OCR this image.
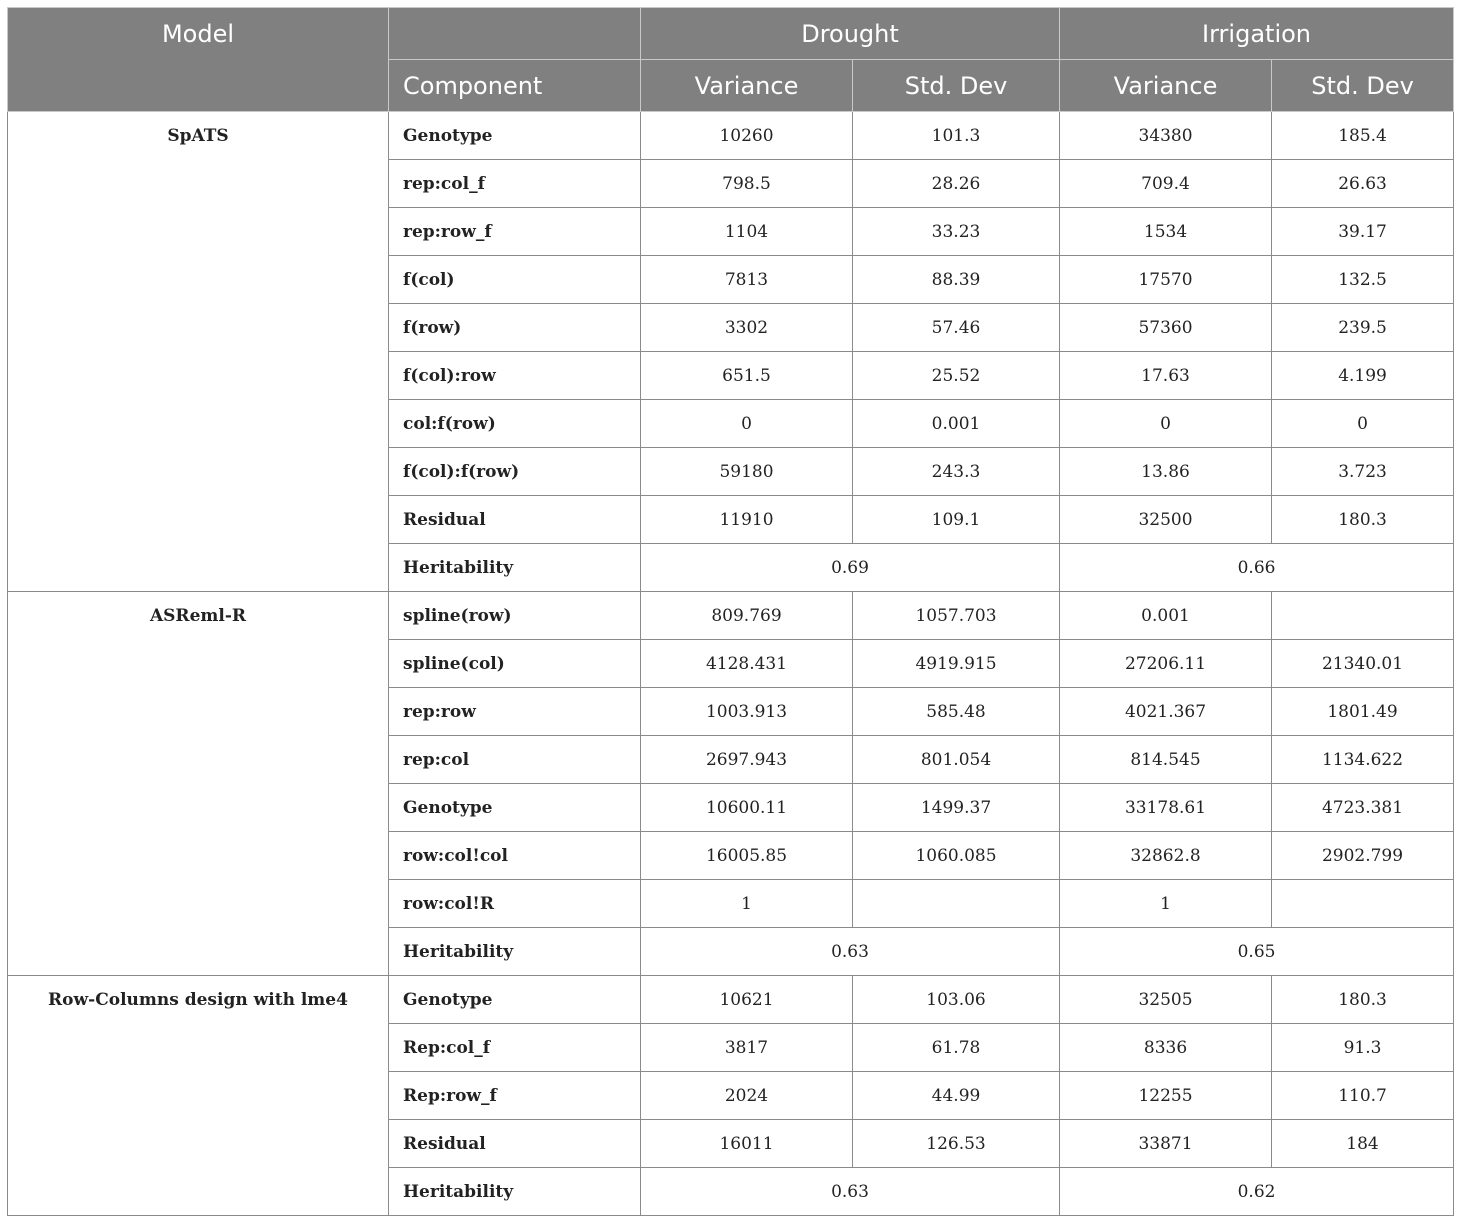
Model		Drought		Irrigation	
	Component	Variance	Std. Dev	Variance	Std. Dev
SpATS	Genotype	10260	101.3	34380	185.4
	rep:col_f	798.5	28.26	709.4	26.63
	rep:row_f	1104	33.23	1534	39.17
	f(col)	7813	88.39	17570	132.5
	f(row)	3302	57.46	57360	239.5
	f(col):row	651.5	25.52	17.63	4.199
	col:f(row)	0	0.001	0	0
	f(col):f(row)	59180	243.3	13.86	3.723
	Residual	11910	109.1	32500	180.3
	Heritability	0.69		0.66	
ASReml-R	spline(row)	809.769	1057.703	0.001	
	spline(col)	4128.431	4919.915	27206.11	21340.01
	rep:row	1003.913	585.48	4021.367	1801.49
	rep:col	2697.943	801.054	814.545	1134.622
	Genotype	10600.11	1499.37	33178.61	4723.381
	row:col!col	16005.85	1060.085	32862.8	2902.799
	row:col!R	1		1	
	Heritability	0.63		0.65	
Row-Columns design with lme4	Genotype	10621	103.06	32505	180.3
	Rep:col_f	3817	61.78	8336	91.3
	Rep:row_f	2024	44.99	12255	110.7
	Residual	16011	126.53	33871	184
	Heritability	0.63		0.62	
